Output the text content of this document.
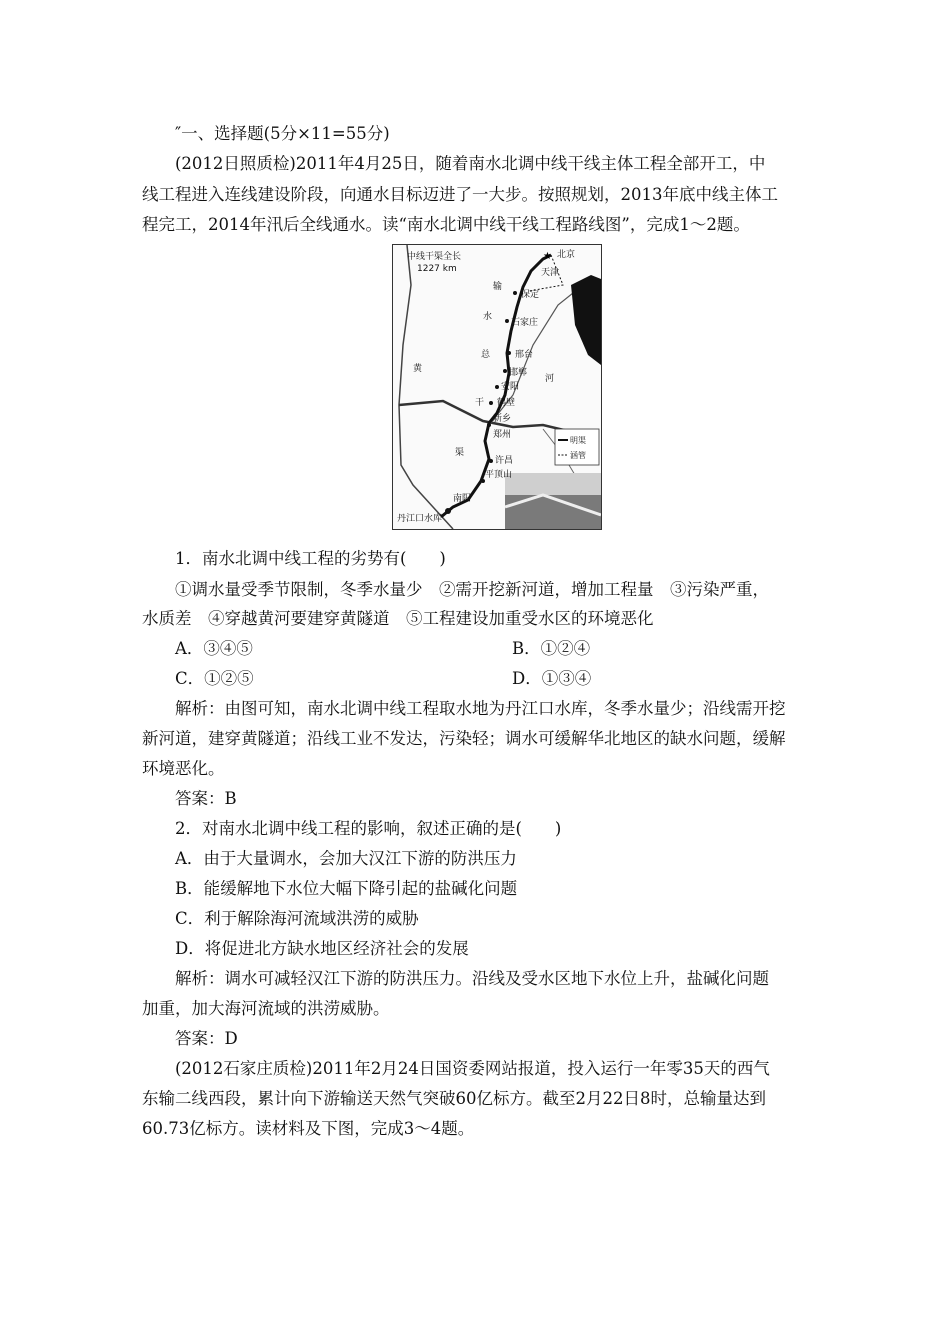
″一、选择题(5分×11=55分)
(2012日照质检)2011年4月25日，随着南水北调中线干线主体工程全部开工，中
线工程进入连线建设阶段，向通水目标迈进了一大步。按照规划，2013年底中线主体工
程完工，2014年汛后全线通水。读“南水北调中线干线工程路线图”，完成1～2题。
★
中线干渠全长
1227 km
北京
天津
保定
石家庄
邢台
邯郸
安阳
鹤壁
新乡
郑州
许昌
平顶山
南阳
丹江口水库
输
水
总
干
渠
黄
河
明渠
涵管
1．南水北调中线工程的劣势有(　　)
①调水量受季节限制，冬季水量少　②需开挖新河道，增加工程量　③污染严重，
水质差　④穿越黄河要建穿黄隧道　⑤工程建设加重受水区的环境恶化
A．③④⑤	B．①②④
C．①②⑤	D．①③④
解析：由图可知，南水北调中线工程取水地为丹江口水库，冬季水量少；沿线需开挖
新河道，建穿黄隧道；沿线工业不发达，污染轻；调水可缓解华北地区的缺水问题，缓解
环境恶化。
答案：B
2．对南水北调中线工程的影响，叙述正确的是(　　)
A．由于大量调水，会加大汉江下游的防洪压力
B．能缓解地下水位大幅下降引起的盐碱化问题
C．利于解除海河流域洪涝的威胁
D．将促进北方缺水地区经济社会的发展
解析：调水可减轻汉江下游的防洪压力。沿线及受水区地下水位上升，盐碱化问题
加重，加大海河流域的洪涝威胁。
答案：D
(2012石家庄质检)2011年2月24日国资委网站报道，投入运行一年零35天的西气
东输二线西段，累计向下游输送天然气突破60亿标方。截至2月22日8时，总输量达到
60.73亿标方。读材料及下图，完成3～4题。
